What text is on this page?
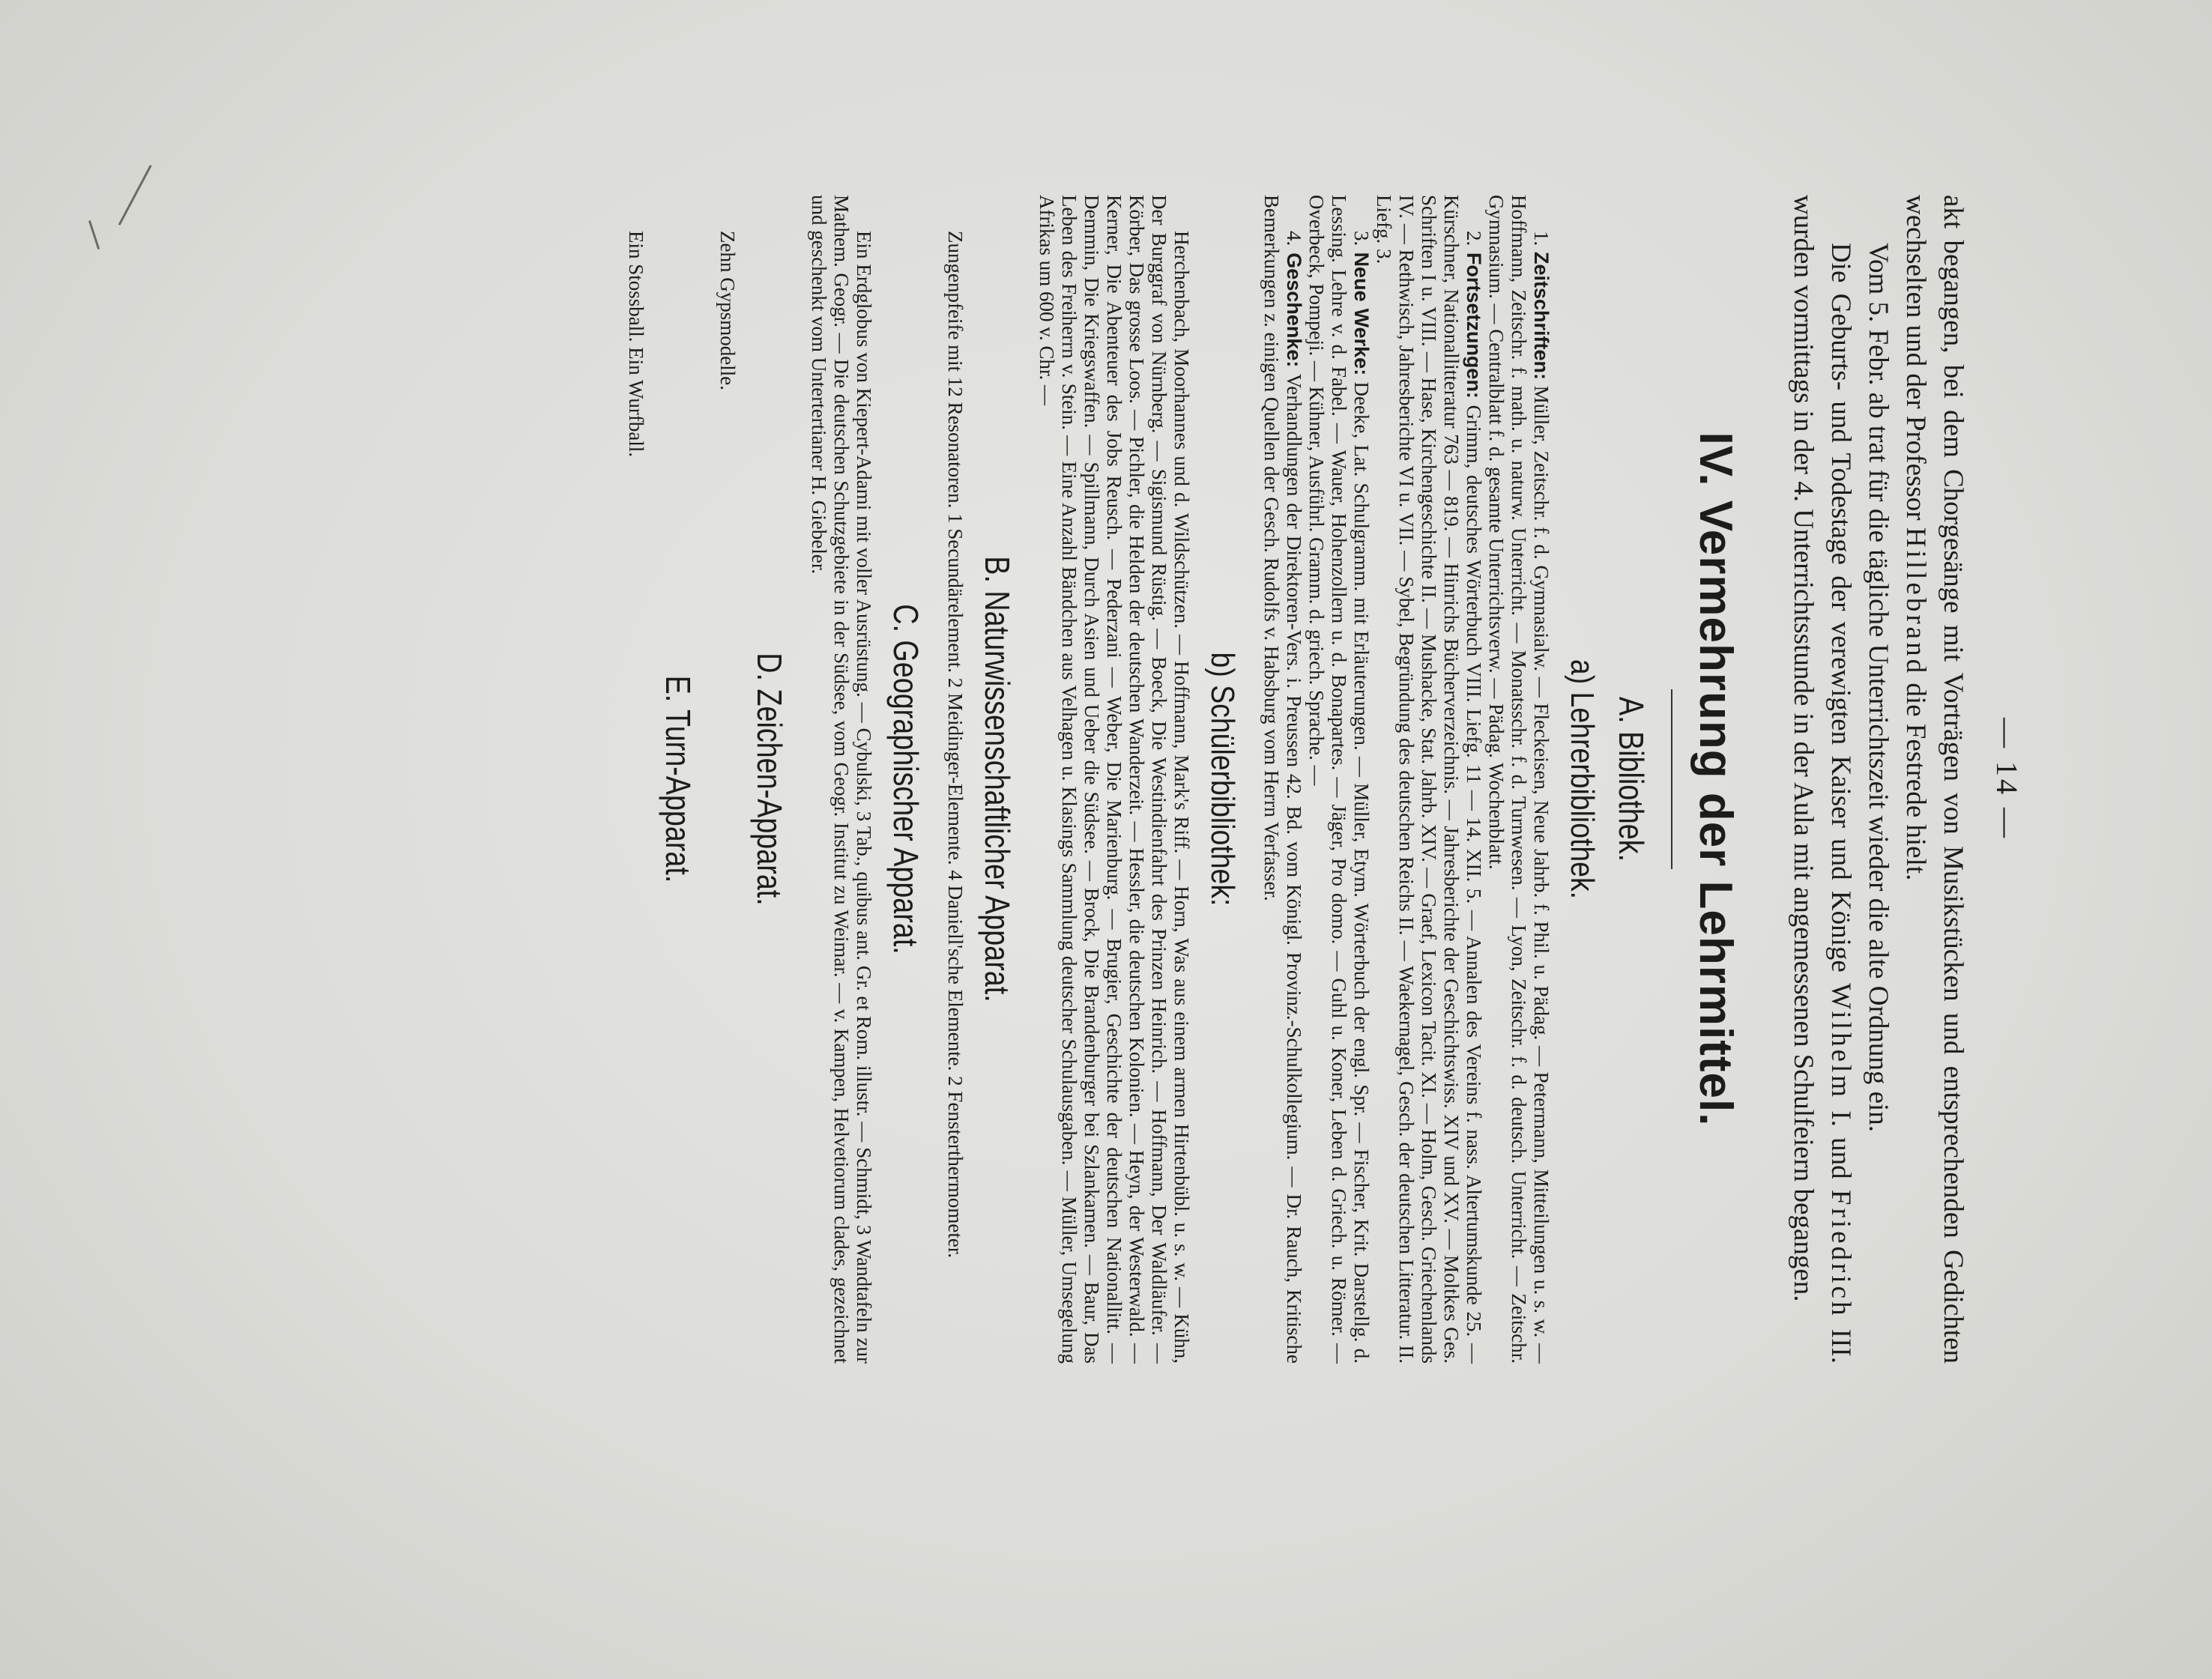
— 14 —

akt begangen, bei dem Chorgesänge mit Vorträgen von Musikstücken und entsprechenden Gedichten wechselten und der Professor Hillebrand die Festrede hielt.

Vom 5. Febr. ab trat für die tägliche Unterrichtszeit wieder die alte Ordnung ein.

Die Geburts- und Todestage der verewigten Kaiser und Könige Wilhelm I. und Friedrich III. wurden vormittags in der 4. Unterrichtsstunde in der Aula mit angemessenen Schulfeiern begangen.

IV. Vermehrung der Lehrmittel.
A. Bibliothek.
a) Lehrerbibliothek.

1. Zeitschriften: Müller, Zeitschr. f. d. Gymnasialw. — Fleckeisen, Neue Jahrb. f. Phil. u. Pädag. — Petermann, Mitteilungen u. s. w. — Hoffmann, Zeitschr. f. math. u. naturw. Unterricht. — Monatsschr. f. d. Turnwesen. — Lyon, Zeitschr. f. d. deutsch. Unterricht. — Zeitschr. Gymnasium. — Centralblatt f. d. gesamte Unterrichtsverw. — Pädag. Wochenblatt.

2. Fortsetzungen: Grimm, deutsches Wörterbuch VIII. Liefg. 11 — 14. XII. 5. — Annalen des Vereins f. nass. Altertumskunde 25. — Kürschner, Nationallitteratur 763 — 819. — Hinrichs Bücherverzeichnis. — Jahresberichte der Geschichtswiss. XIV und XV. — Moltkes Ges. Schriften I u. VIII. — Hase, Kirchengeschichte II. — Mushacke, Stat. Jahrb. XIV. — Graef, Lexicon Tacit. XI. — Holm, Gesch. Griechenlands IV. — Rethwisch, Jahresberichte VI u. VII. — Sybel, Begründung des deutschen Reichs II. — Waekernagel, Gesch. der deutschen Litteratur. II. Liefg. 3.

3. Neue Werke: Deeke, Lat. Schulgramm. mit Erläuterungen. — Müller, Etym. Wörterbuch der engl. Spr. — Fischer, Krit. Darstellg. d. Lessing. Lehre v. d. Fabel. — Wauer, Hohenzollern u. d. Bonapartes. — Jäger, Pro domo. — Guhl u. Koner, Leben d. Griech. u. Römer. — Overbeck, Pompeji. — Kühner, Ausführl. Gramm. d. griech. Sprache. —

4. Geschenke: Verhandlungen der Direktoren-Vers. i. Preussen 42. Bd. vom Königl. Provinz.-Schulkollegium. — Dr. Rauch, Kritische Bemerkungen z. einigen Quellen der Gesch. Rudolfs v. Habsburg vom Herrn Verfasser.

b) Schülerbibliothek:

Herchenbach, Moorhannes und d. Wildschützen. — Hoffmann, Mark's Riff. — Horn, Was aus einem armen Hirtenbübl. u. s. w. — Kühn, Der Burggraf von Nürnberg. — Sigismund Rüstig. — Boeck, Die Westindienfahrt des Prinzen Heinrich. — Hoffmann, Der Waldläufer. — Körber, Das grosse Loos. — Pichler, die Helden der deutschen Wanderzeit. — Hessler, die deutschen Kolonien. — Heyn, der Westerwald. — Kerner, Die Abenteuer des Jobs Reusch. — Pederzani — Weber, Die Marienburg. — Brugier, Geschichte der deutschen Nationallitt. — Demmin, Die Kriegswaffen. — Spillmann, Durch Asien und Ueber die Südsee. — Brock, Die Brandenburger bei Szlankamen. — Baur, Das Leben des Freiherrn v. Stein. — Eine Anzahl Bändchen aus Velhagen u. Klasings Sammlung deutscher Schulausgaben. — Müller, Umsegelung Afrikas um 600 v. Chr. —

B. Naturwissenschaftlicher Apparat.

Zungenpfeife mit 12 Resonatoren. 1 Secundärelement. 2 Meidinger-Elemente. 4 Daniell'sche Elemente. 2 Fensterthermometer.

C. Geographischer Apparat.

Ein Erdglobus von Kiepert-Adami mit voller Ausrüstung. — Cybulski, 3 Tab., quibus ant. Gr. et Rom. illustr. — Schmidt, 3 Wandtafeln zur Mathem. Geogr. — Die deutschen Schutzgebiete in der Südsee, vom Geogr. Institut zu Weimar. — v. Kampen, Helvetiorum clades, gezeichnet und geschenkt vom Untertertianer H. Giebeler.

D. Zeichen-Apparat.

Zehn Gypsmodelle.

E. Turn-Apparat.

Ein Stossball. Ein Wurfball.
